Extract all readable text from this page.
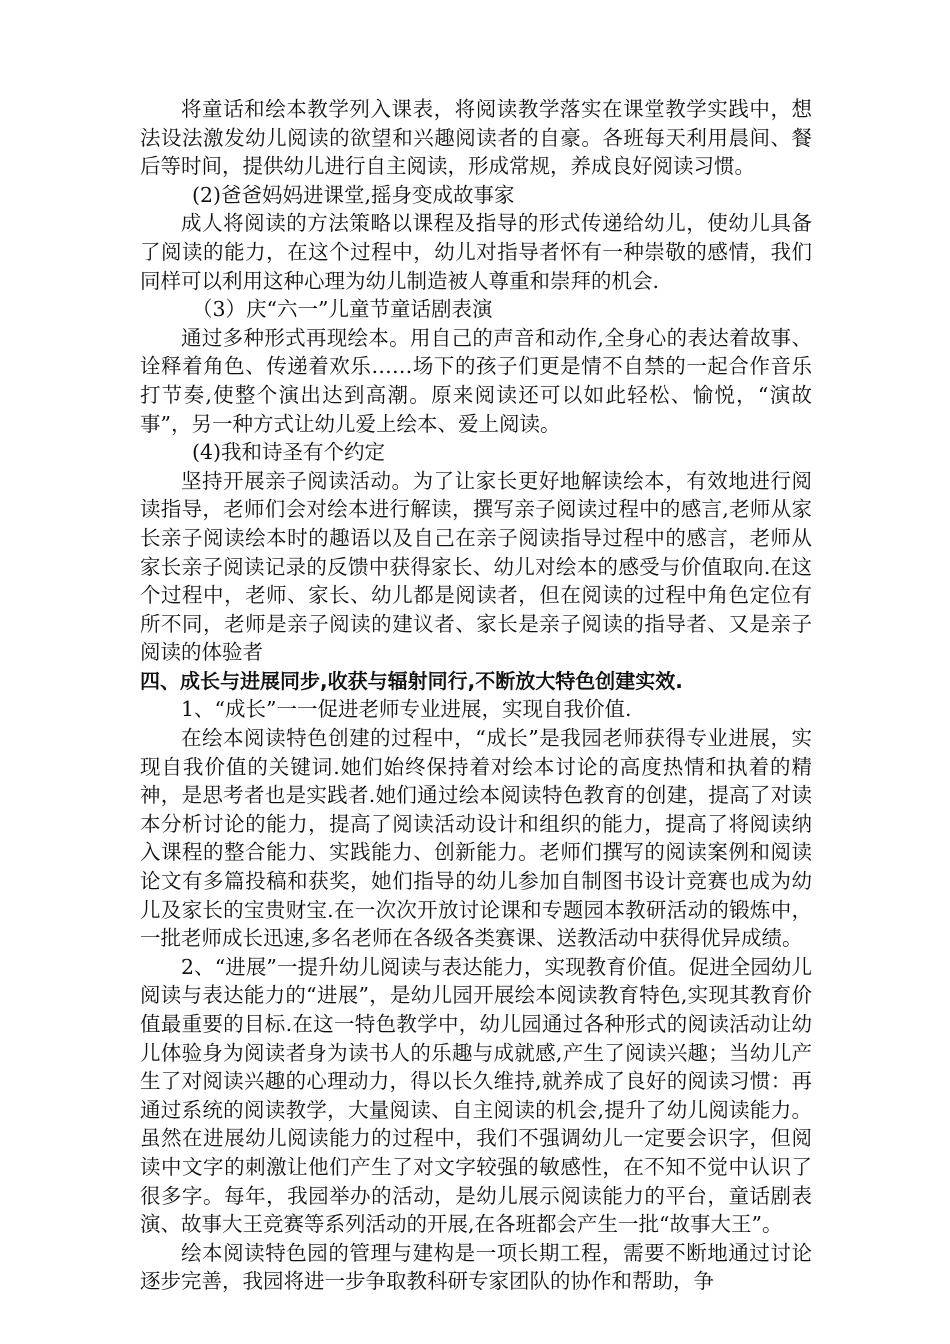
将童话和绘本教学列入课表，将阅读教学落实在课堂教学实践中，想法设法激发幼儿阅读的欲望和兴趣阅读者的自豪。各班每天利用晨间、餐后等时间，提供幼儿进行自主阅读，形成常规，养成良好阅读习惯。

(2)爸爸妈妈进课堂,摇身变成故事家

成人将阅读的方法策略以课程及指导的形式传递给幼儿，使幼儿具备了阅读的能力，在这个过程中，幼儿对指导者怀有一种崇敬的感情，我们同样可以利用这种心理为幼儿制造被人尊重和崇拜的机会.

（3）庆“六一”儿童节童话剧表演

通过多种形式再现绘本。用自己的声音和动作,全身心的表达着故事、诠释着角色、传递着欢乐……场下的孩子们更是情不自禁的一起合作音乐打节奏,使整个演出达到高潮。原来阅读还可以如此轻松、愉悦，“演故事”，另一种方式让幼儿爱上绘本、爱上阅读。

(4)我和诗圣有个约定

坚持开展亲子阅读活动。为了让家长更好地解读绘本，有效地进行阅读指导，老师们会对绘本进行解读，撰写亲子阅读过程中的感言,老师从家长亲子阅读绘本时的趣语以及自己在亲子阅读指导过程中的感言，老师从家长亲子阅读记录的反馈中获得家长、幼儿对绘本的感受与价值取向.在这个过程中，老师、家长、幼儿都是阅读者，但在阅读的过程中角色定位有所不同，老师是亲子阅读的建议者、家长是亲子阅读的指导者、又是亲子阅读的体验者

四、成长与进展同步,收获与辐射同行,不断放大特色创建实效.

1、“成长”一一促进老师专业进展，实现自我价值.

在绘本阅读特色创建的过程中，“成长”是我园老师获得专业进展，实现自我价值的关键词.她们始终保持着对绘本讨论的高度热情和执着的精神，是思考者也是实践者.她们通过绘本阅读特色教育的创建，提高了对读本分析讨论的能力，提高了阅读活动设计和组织的能力，提高了将阅读纳入课程的整合能力、实践能力、创新能力。老师们撰写的阅读案例和阅读论文有多篇投稿和获奖，她们指导的幼儿参加自制图书设计竞赛也成为幼儿及家长的宝贵财宝.在一次次开放讨论课和专题园本教研活动的锻炼中，一批老师成长迅速,多名老师在各级各类赛课、送教活动中获得优异成绩。

2、“进展”一提升幼儿阅读与表达能力，实现教育价值。促进全园幼儿阅读与表达能力的“进展”，是幼儿园开展绘本阅读教育特色,实现其教育价值最重要的目标.在这一特色教学中，幼儿园通过各种形式的阅读活动让幼儿体验身为阅读者身为读书人的乐趣与成就感,产生了阅读兴趣；当幼儿产生了对阅读兴趣的心理动力，得以长久维持,就养成了良好的阅读习惯：再通过系统的阅读教学，大量阅读、自主阅读的机会,提升了幼儿阅读能力。虽然在进展幼儿阅读能力的过程中，我们不强调幼儿一定要会识字，但阅读中文字的刺激让他们产生了对文字较强的敏感性，在不知不觉中认识了很多字。每年，我园举办的活动，是幼儿展示阅读能力的平台，童话剧表演、故事大王竞赛等系列活动的开展,在各班都会产生一批“故事大王”。

绘本阅读特色园的管理与建构是一项长期工程，需要不断地通过讨论逐步完善，我园将进一步争取教科研专家团队的协作和帮助，争
